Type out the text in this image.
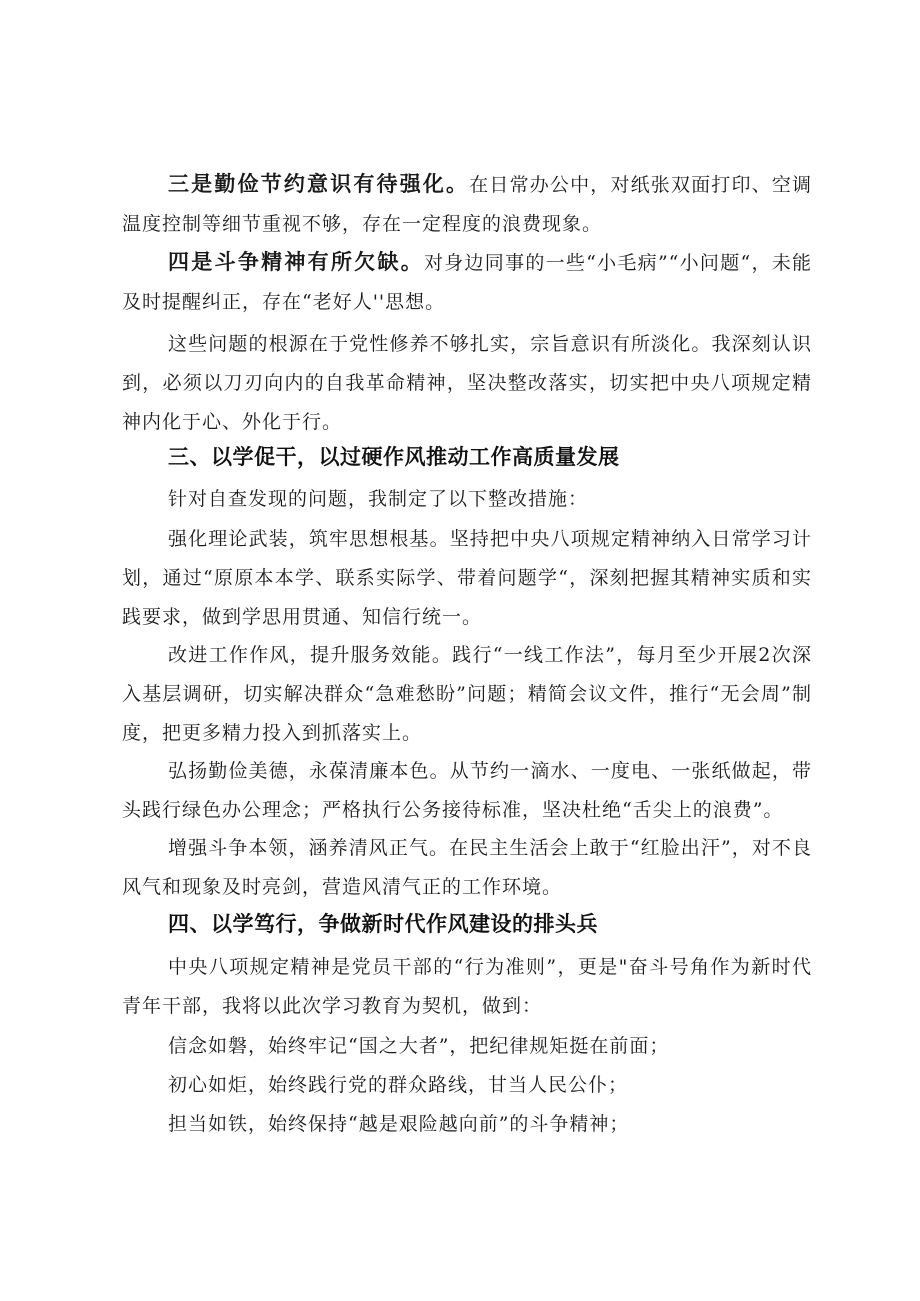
三是勤俭节约意识有待强化。在日常办公中，对纸张双面打印、空调温度控制等细节重视不够，存在一定程度的浪费现象。

四是斗争精神有所欠缺。对身边同事的一些“小毛病”“小问题“，未能及时提醒纠正，存在“老好人''思想。

这些问题的根源在于党性修养不够扎实，宗旨意识有所淡化。我深刻认识到，必须以刀刃向内的自我革命精神，坚决整改落实，切实把中央八项规定精神内化于心、外化于行。

三、以学促干，以过硬作风推动工作高质量发展

针对自查发现的问题，我制定了以下整改措施：

强化理论武装，筑牢思想根基。坚持把中央八项规定精神纳入日常学习计划，通过“原原本本学、联系实际学、带着问题学“，深刻把握其精神实质和实践要求，做到学思用贯通、知信行统一。

改进工作作风，提升服务效能。践行“一线工作法”，每月至少开展2次深入基层调研，切实解决群众“急难愁盼”问题；精简会议文件，推行“无会周”制度，把更多精力投入到抓落实上。

弘扬勤俭美德，永葆清廉本色。从节约一滴水、一度电、一张纸做起，带头践行绿色办公理念；严格执行公务接待标准，坚决杜绝“舌尖上的浪费”。

增强斗争本领，涵养清风正气。在民主生活会上敢于“红脸出汗”，对不良风气和现象及时亮剑，营造风清气正的工作环境。

四、以学笃行，争做新时代作风建设的排头兵

中央八项规定精神是党员干部的“行为准则”，更是"奋斗号角作为新时代青年干部，我将以此次学习教育为契机，做到：

信念如磐，始终牢记“国之大者”，把纪律规矩挺在前面；

初心如炬，始终践行党的群众路线，甘当人民公仆；

担当如铁，始终保持“越是艰险越向前”的斗争精神；
